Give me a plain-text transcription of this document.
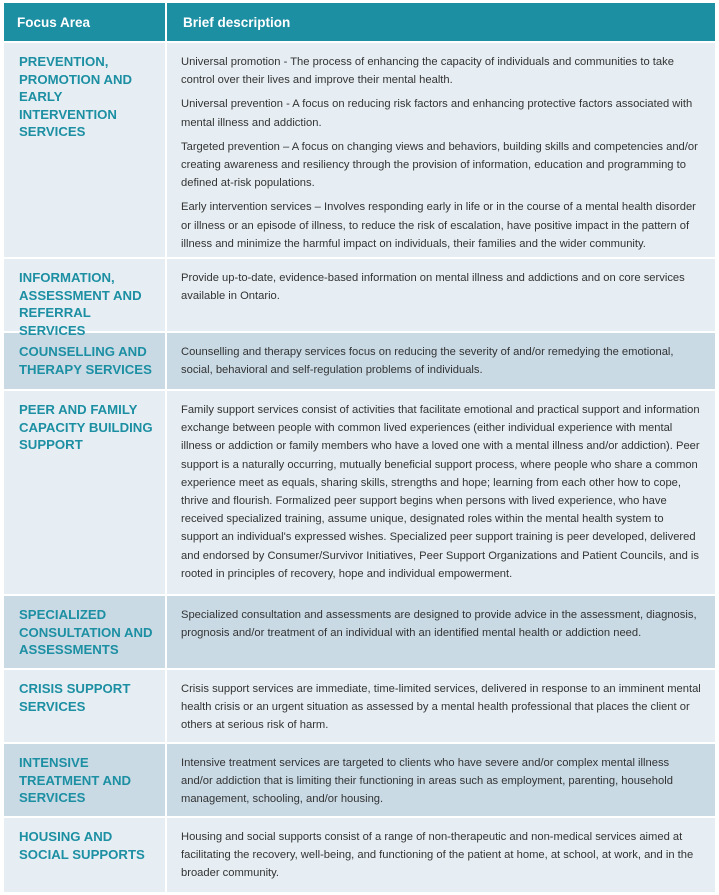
Focus Area	Brief description
PREVENTION, PROMOTION AND EARLY INTERVENTION SERVICES

Universal promotion - The process of enhancing the capacity of individuals and communities to take control over their lives and improve their mental health.

Universal prevention - A focus on reducing risk factors and enhancing protective factors associated with mental illness and addiction.

Targeted prevention – A focus on changing views and behaviors, building skills and competencies and/or creating awareness and resiliency through the provision of information, education and programming to defined at-risk populations.

Early intervention services – Involves responding early in life or in the course of a mental health disorder or illness or an episode of illness, to reduce the risk of escalation, have positive impact in the pattern of illness and minimize the harmful impact on individuals, their families and the wider community.

INFORMATION, ASSESSMENT AND REFERRAL SERVICES

Provide up-to-date, evidence-based information on mental illness and addictions and on core services available in Ontario.

COUNSELLING AND THERAPY SERVICES

Counselling and therapy services focus on reducing the severity of and/or remedying the emotional, social, behavioral and self-regulation problems of individuals.

PEER AND FAMILY CAPACITY BUILDING SUPPORT

Family support services consist of activities that facilitate emotional and practical support and information exchange between people with common lived experiences (either individual experience with mental illness or addiction or family members who have a loved one with a mental illness and/or addiction). Peer support is a naturally occurring, mutually beneficial support process, where people who share a common experience meet as equals, sharing skills, strengths and hope; learning from each other how to cope, thrive and flourish. Formalized peer support begins when persons with lived experience, who have received specialized training, assume unique, designated roles within the mental health system to support an individual's expressed wishes. Specialized peer support training is peer developed, delivered and endorsed by Consumer/Survivor Initiatives, Peer Support Organizations and Patient Councils, and is rooted in principles of recovery, hope and individual empowerment.

SPECIALIZED CONSULTATION AND ASSESSMENTS

Specialized consultation and assessments are designed to provide advice in the assessment, diagnosis, prognosis and/or treatment of an individual with an identified mental health or addiction need.

CRISIS SUPPORT SERVICES

Crisis support services are immediate, time-limited services, delivered in response to an imminent mental health crisis or an urgent situation as assessed by a mental health professional that places the client or others at serious risk of harm.

INTENSIVE TREATMENT AND SERVICES

Intensive treatment services are targeted to clients who have severe and/or complex mental illness and/or addiction that is limiting their functioning in areas such as employment, parenting, household management, schooling, and/or housing.

HOUSING AND SOCIAL SUPPORTS

Housing and social supports consist of a range of non-therapeutic and non-medical services aimed at facilitating the recovery, well-being, and functioning of the patient at home, at school, at work, and in the broader community.
